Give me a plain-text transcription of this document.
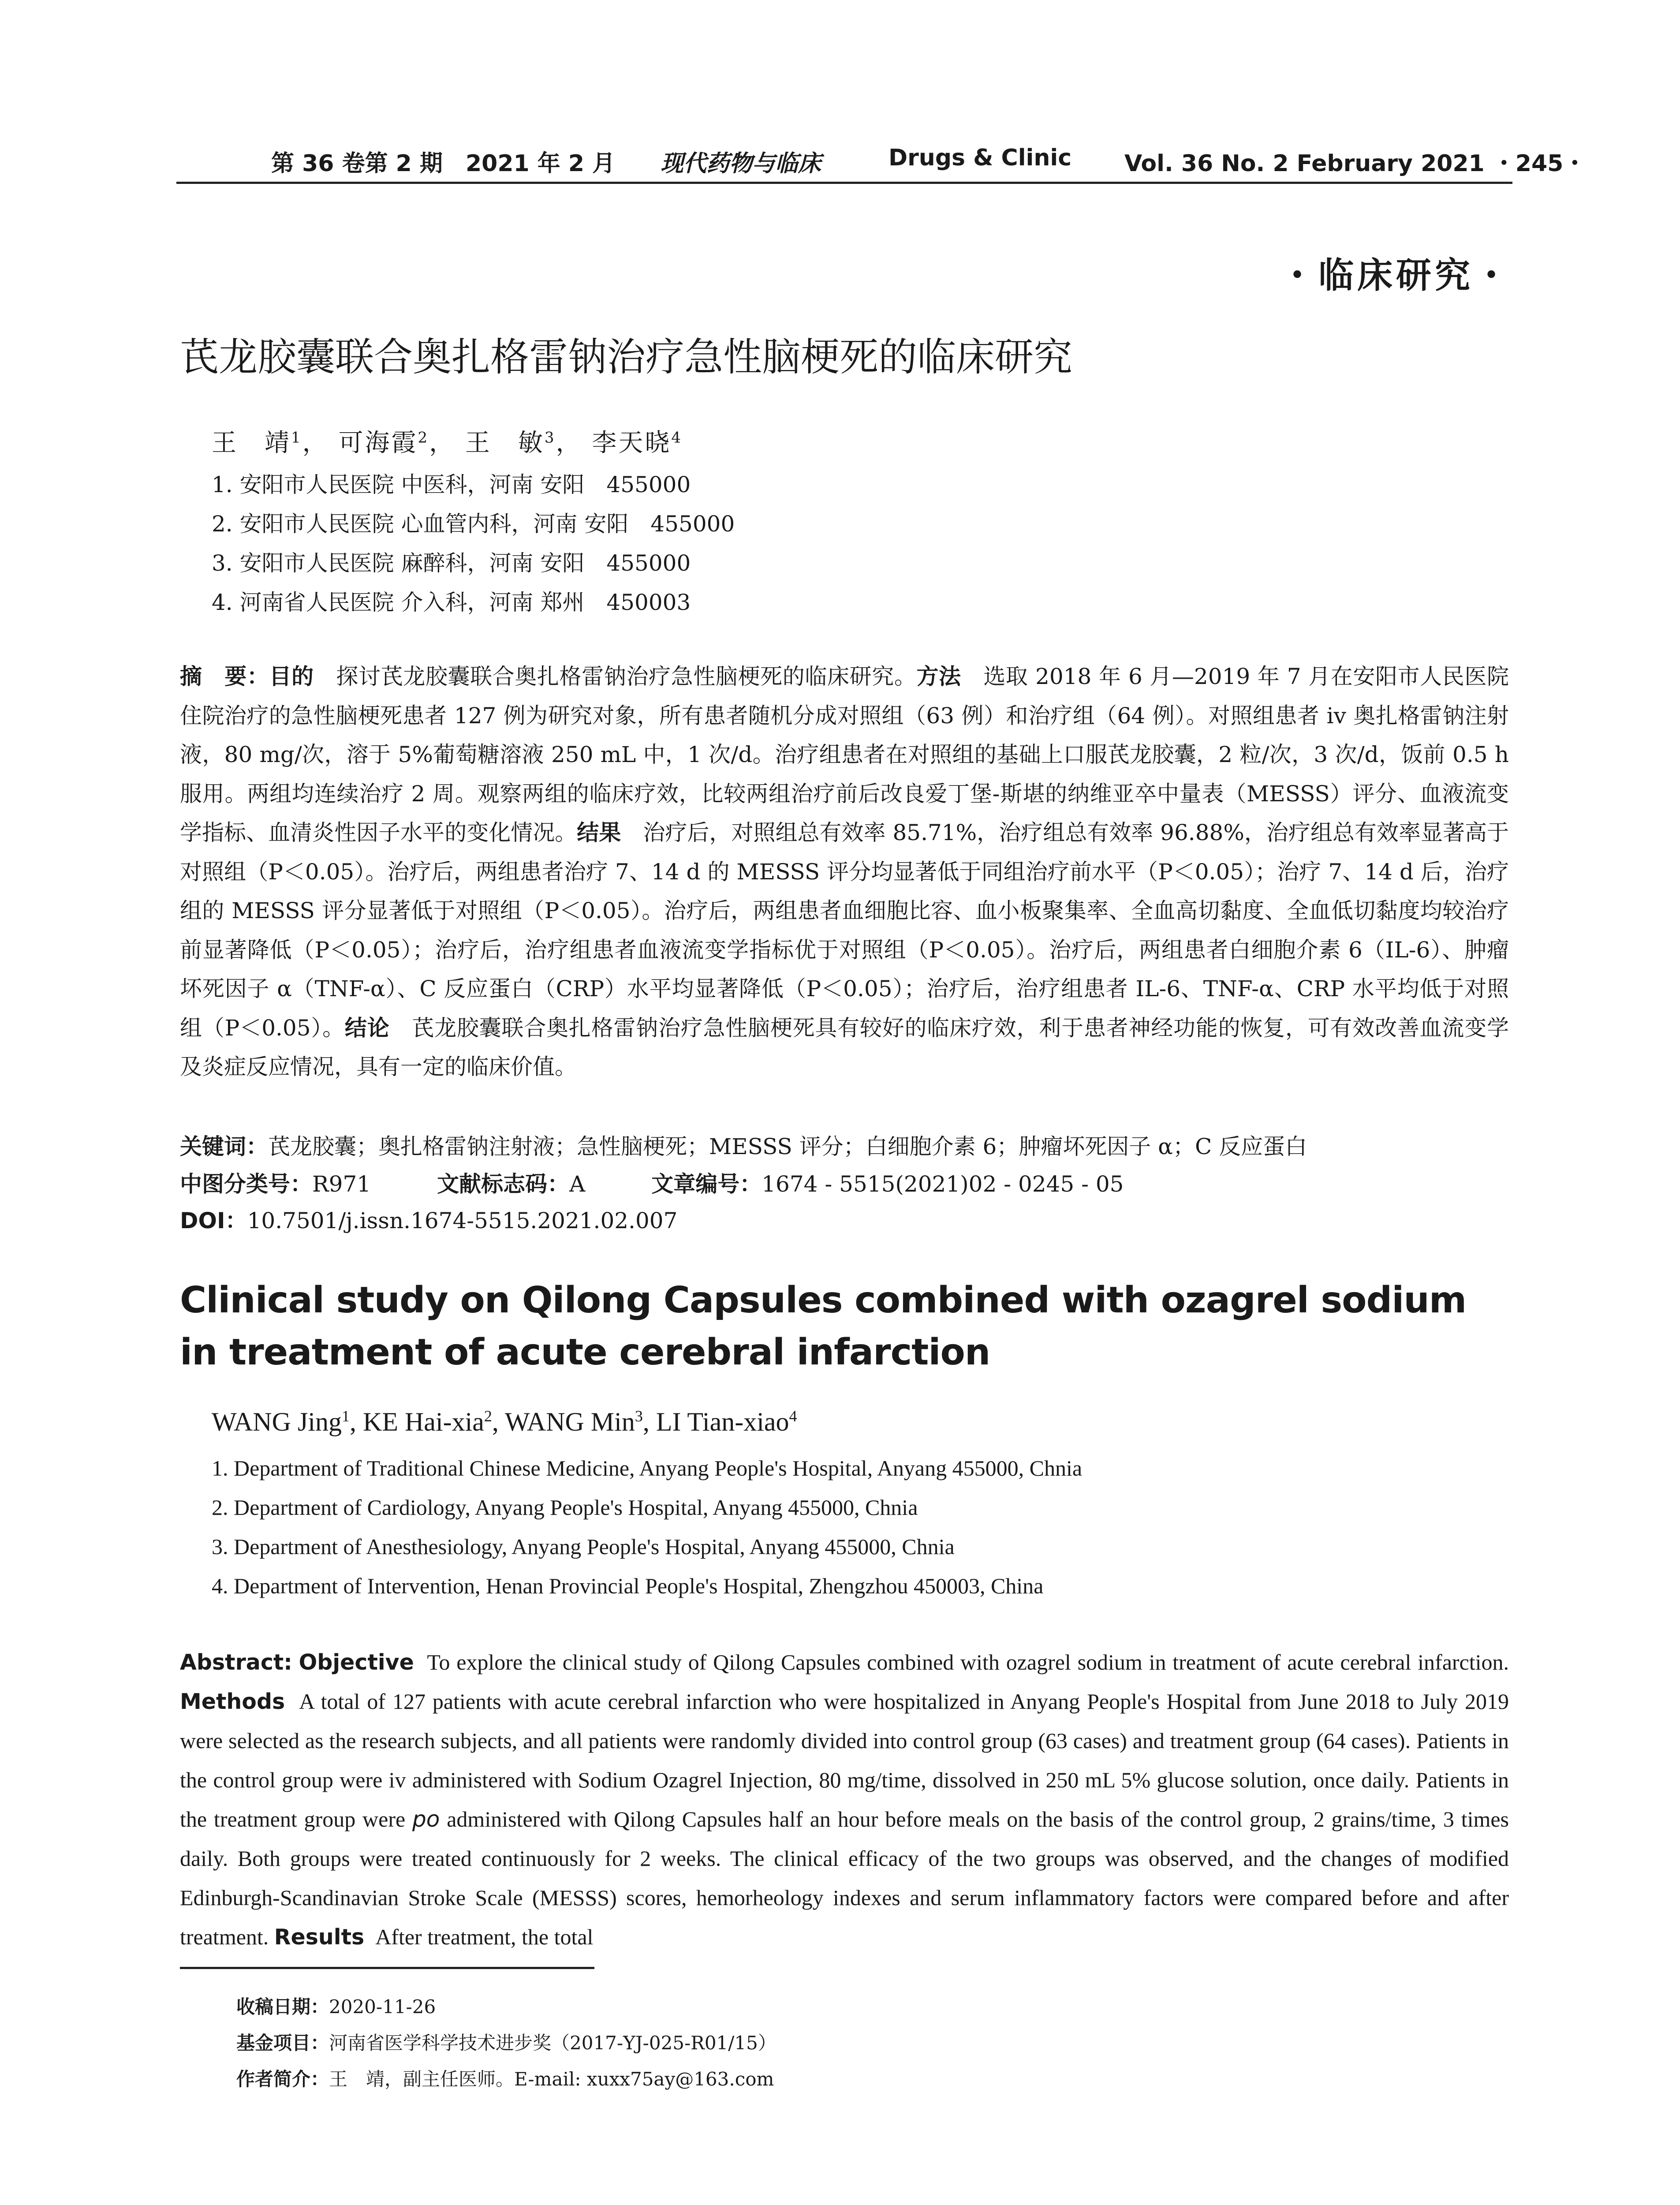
第 36 卷第 2 期　2021 年 2 月 现代药物与临床	Drugs & Clinic Vol. 36 No. 2 February 2021 ・245・
・临床研究・
芪龙胶囊联合奥扎格雷钠治疗急性脑梗死的临床研究
王　靖$^1$， 可海霞$^2$， 王　敏$^3$， 李天晓$^4$
1. 安阳市人民医院 中医科，河南 安阳　455000
2. 安阳市人民医院 心血管内科，河南 安阳　455000
3. 安阳市人民医院 麻醉科，河南 安阳　455000
4. 河南省人民医院 介入科，河南 郑州　450003
摘　要：目的　 探讨芪龙胶囊联合奥扎格雷钠治疗急性脑梗死的临床研究。方法　 选取 2018 年 6 月—2019 年 7 月在安阳市人民医院住院治疗的急性脑梗死患者 127 例为研究对象，所有患者随机分成对照组（63 例）和治疗组（64 例）。对照组患者 iv 奥扎格雷钠注射液，80 mg/次，溶于 5%葡萄糖溶液 250 mL 中，1 次/d。治疗组患者在对照组的基础上口服芪龙胶囊，2 粒/次，3 次/d，饭前 0.5 h 服用。两组均连续治疗 2 周。观察两组的临床疗效，比较两组治疗前后改良爱丁堡-斯堪的纳维亚卒中量表（MESSS）评分、血液流变学指标、血清炎性因子水平的变化情况。结果　 治疗后，对照组总有效率 85.71%，治疗组总有效率 96.88%，治疗组总有效率显著高于对照组（P＜0.05）。治疗后，两组患者治疗 7、14 d 的 MESSS 评分均显著低于同组治疗前水平（P＜0.05）；治疗 7、14 d 后，治疗组的 MESSS 评分显著低于对照组（P＜0.05）。治疗后，两组患者血细胞比容、血小板聚集率、全血高切黏度、全血低切黏度均较治疗前显著降低（P＜0.05）；治疗后，治疗组患者血液流变学指标优于对照组（P＜0.05）。治疗后，两组患者白细胞介素 6（IL-6）、肿瘤坏死因子 α（TNF-α）、C 反应蛋白（CRP）水平均显著降低（P＜0.05）；治疗后，治疗组患者 IL-6、TNF-α、CRP 水平均低于对照组（P＜0.05）。结论　 芪龙胶囊联合奥扎格雷钠治疗急性脑梗死具有较好的临床疗效，利于患者神经功能的恢复，可有效改善血流变学及炎症反应情况，具有一定的临床价值。
关键词：芪龙胶囊；奥扎格雷钠注射液；急性脑梗死；MESSS 评分；白细胞介素 6；肿瘤坏死因子 α；C 反应蛋白
中图分类号：R971	文献标志码：A	文章编号：1674 - 5515(2021)02 - 0245 - 05
DOI：10.7501/j.issn.1674-5515.2021.02.007
Clinical study on Qilong Capsules combined with ozagrel sodium in treatment of acute cerebral infarction
WANG Jing$^1$, KE Hai-xia$^2$, WANG Min$^3$, LI Tian-xiao$^4$
1. Department of Traditional Chinese Medicine, Anyang People's Hospital, Anyang 455000, Chnia
2. Department of Cardiology, Anyang People's Hospital, Anyang 455000, Chnia
3. Department of Anesthesiology, Anyang People's Hospital, Anyang 455000, Chnia
4. Department of Intervention, Henan Provincial People's Hospital, Zhengzhou 450003, China
Abstract: Objective To explore the clinical study of Qilong Capsules combined with ozagrel sodium in treatment of acute cerebral infarction. Methods A total of 127 patients with acute cerebral infarction who were hospitalized in Anyang People's Hospital from June 2018 to July 2019 were selected as the research subjects, and all patients were randomly divided into control group (63 cases) and treatment group (64 cases). Patients in the control group were iv administered with Sodium Ozagrel Injection, 80 mg/time, dissolved in 250 mL 5% glucose solution, once daily. Patients in the treatment group were po administered with Qilong Capsules half an hour before meals on the basis of the control group, 2 grains/time, 3 times daily. Both groups were treated continuously for 2 weeks. The clinical efficacy of the two groups was observed, and the changes of modified Edinburgh-Scandinavian Stroke Scale (MESSS) scores, hemorheology indexes and serum inflammatory factors were compared before and after treatment. Results After treatment, the total
收稿日期：2020-11-26
基金项目：河南省医学科学技术进步奖（2017-YJ-025-R01/15）
作者简介：王　靖，副主任医师。E-mail: xuxx75ay@163.com
